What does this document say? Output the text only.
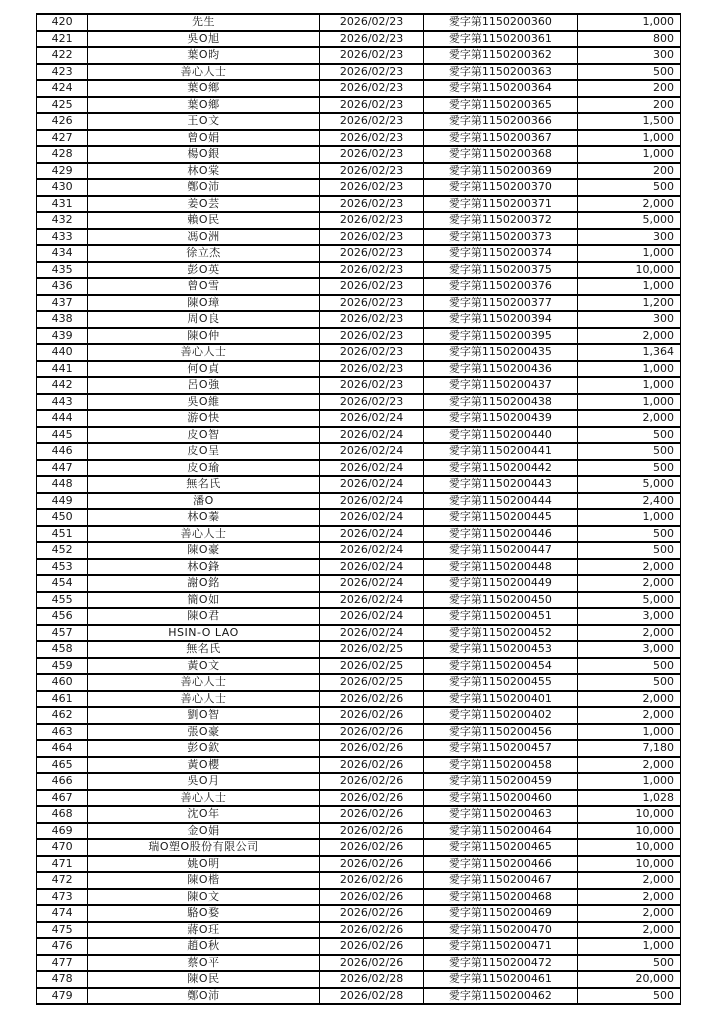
420	先生	2026/02/23	愛字第1150200360	1,000
421	吳O旭	2026/02/23	愛字第1150200361	800
422	葉O昀	2026/02/23	愛字第1150200362	300
423	善心人士	2026/02/23	愛字第1150200363	500
424	葉O鄉	2026/02/23	愛字第1150200364	200
425	葉O鄉	2026/02/23	愛字第1150200365	200
426	王O文	2026/02/23	愛字第1150200366	1,500
427	曾O娟	2026/02/23	愛字第1150200367	1,000
428	楊O銀	2026/02/23	愛字第1150200368	1,000
429	林O棠	2026/02/23	愛字第1150200369	200
430	鄭O沛	2026/02/23	愛字第1150200370	500
431	姜O芸	2026/02/23	愛字第1150200371	2,000
432	賴O民	2026/02/23	愛字第1150200372	5,000
433	馮O洲	2026/02/23	愛字第1150200373	300
434	徐立杰	2026/02/23	愛字第1150200374	1,000
435	彭O英	2026/02/23	愛字第1150200375	10,000
436	曾O雪	2026/02/23	愛字第1150200376	1,000
437	陳O璋	2026/02/23	愛字第1150200377	1,200
438	周O良	2026/02/23	愛字第1150200394	300
439	陳O仲	2026/02/23	愛字第1150200395	2,000
440	善心人士	2026/02/23	愛字第1150200435	1,364
441	何O貞	2026/02/23	愛字第1150200436	1,000
442	呂O強	2026/02/23	愛字第1150200437	1,000
443	吳O維	2026/02/23	愛字第1150200438	1,000
444	游O快	2026/02/24	愛字第1150200439	2,000
445	皮O智	2026/02/24	愛字第1150200440	500
446	皮O呈	2026/02/24	愛字第1150200441	500
447	皮O瑜	2026/02/24	愛字第1150200442	500
448	無名氏	2026/02/24	愛字第1150200443	5,000
449	潘O	2026/02/24	愛字第1150200444	2,400
450	林O蓁	2026/02/24	愛字第1150200445	1,000
451	善心人士	2026/02/24	愛字第1150200446	500
452	陳O豪	2026/02/24	愛字第1150200447	500
453	林O鋒	2026/02/24	愛字第1150200448	2,000
454	謝O銘	2026/02/24	愛字第1150200449	2,000
455	簡O如	2026/02/24	愛字第1150200450	5,000
456	陳O君	2026/02/24	愛字第1150200451	3,000
457	HSIN-O LAO	2026/02/24	愛字第1150200452	2,000
458	無名氏	2026/02/25	愛字第1150200453	3,000
459	黃O文	2026/02/25	愛字第1150200454	500
460	善心人士	2026/02/25	愛字第1150200455	500
461	善心人士	2026/02/26	愛字第1150200401	2,000
462	劉O智	2026/02/26	愛字第1150200402	2,000
463	張O豪	2026/02/26	愛字第1150200456	1,000
464	彭O欽	2026/02/26	愛字第1150200457	7,180
465	黃O櫻	2026/02/26	愛字第1150200458	2,000
466	吳O月	2026/02/26	愛字第1150200459	1,000
467	善心人士	2026/02/26	愛字第1150200460	1,028
468	沈O年	2026/02/26	愛字第1150200463	10,000
469	金O娟	2026/02/26	愛字第1150200464	10,000
470	瑞O塑O股份有限公司	2026/02/26	愛字第1150200465	10,000
471	姚O明	2026/02/26	愛字第1150200466	10,000
472	陳O楷	2026/02/26	愛字第1150200467	2,000
473	陳O文	2026/02/26	愛字第1150200468	2,000
474	駱O婺	2026/02/26	愛字第1150200469	2,000
475	蔣O玨	2026/02/26	愛字第1150200470	2,000
476	趙O秋	2026/02/26	愛字第1150200471	1,000
477	蔡O平	2026/02/26	愛字第1150200472	500
478	陳O民	2026/02/28	愛字第1150200461	20,000
479	鄭O沛	2026/02/28	愛字第1150200462	500
